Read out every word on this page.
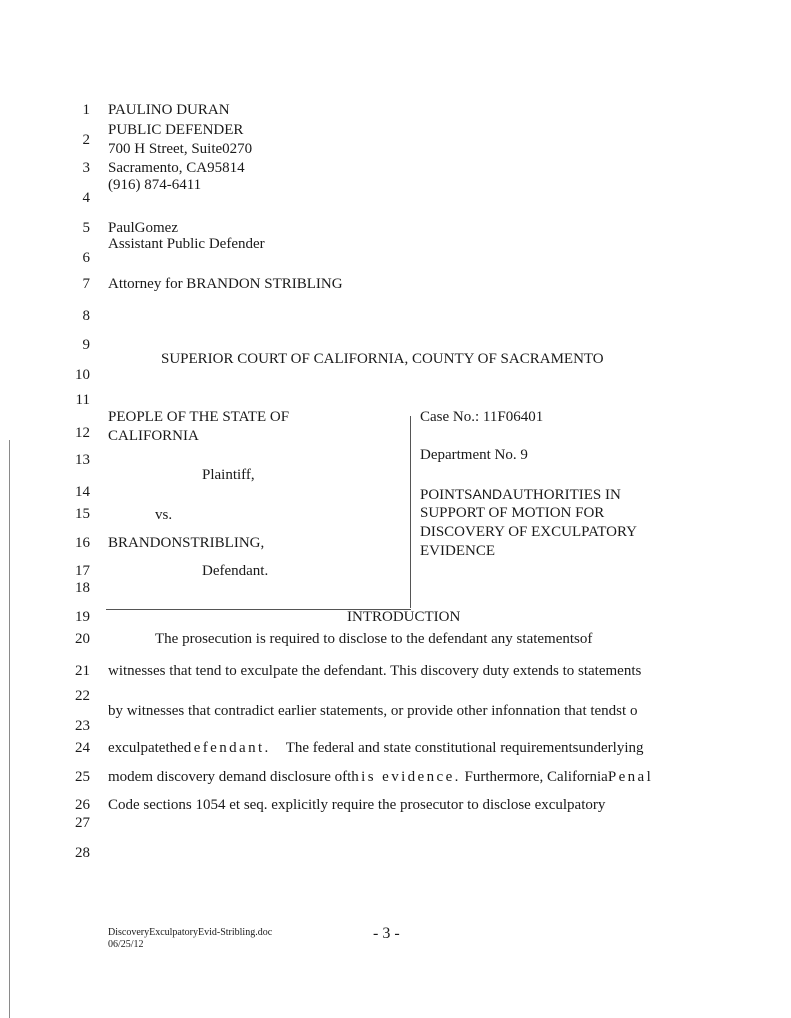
1
2
3
4
5
6
7
8
9
10
11
12
13
14
15
16
17
18
19
20
21
22
23
24
25
26
27
28
PAULINO DURAN
PUBLIC DEFENDER
700 H Street, Suite0270
Sacramento, CA95814
(916) 874-6411
PaulGomez
Assistant Public Defender
Attorney for BRANDON STRIBLING
SUPERIOR COURT OF CALIFORNIA, COUNTY OF SACRAMENTO
PEOPLE OF THE STATE OF
CALIFORNIA
Plaintiff,
vs.
BRANDONSTRIBLING,
Defendant.
Case No.: 11F06401
Department No. 9
POINTSANDAUTHORITIES IN
SUPPORT OF MOTION FOR
DISCOVERY OF EXCULPATORY
EVIDENCE
INTRODUCTION
The prosecution is required to disclose to the defendant any statementsof
witnesses that tend to exculpate the defendant. This discovery duty extends to statements
by witnesses that contradict earlier statements, or provide other infonnation that tendst o
exculpatethedefendant. The federal and state constitutional requirementsunderlying
modem discovery demand disclosure ofthis evidence. Furthermore, CaliforniaPenal
Code sections 1054 et seq. explicitly require the prosecutor to disclose exculpatory
DiscoveryExculpatoryEvid-Stribling.doc
06/25/12
- 3 -
